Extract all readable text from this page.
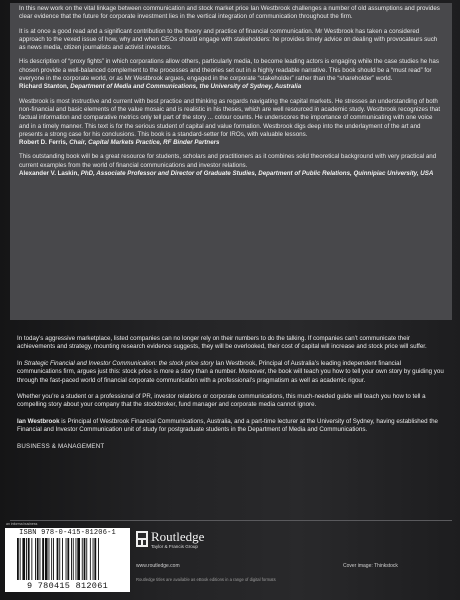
In this new work on the vital linkage between communication and stock market price Ian Westbrook challenges a number of old assumptions and provides clear evidence that the future for corporate investment lies in the vertical integration of communication throughout the firm.

It is at once a good read and a significant contribution to the theory and practice of financial communication. Mr Westbrook has taken a considered approach to the vexed issue of how, why and when CEOs should engage with stakeholders: he provides timely advice on dealing with provocateurs such as news media, citizen journalists and activist investors.

His description of “proxy fights” in which corporations allow others, particularly media, to become leading actors is engaging while the case studies he has chosen provide a well-balanced complement to the processes and theories set out in a highly readable narrative. This book should be a “must read” for everyone in the corporate world, or as Mr Westbrook argues, engaged in the corporate “stakeholder” rather than the “shareholder” world.

Richard Stanton, Department of Media and Communications, the University of Sydney, Australia

Westbrook is most instructive and current with best practice and thinking as regards navigating the capital markets. He stresses an understanding of both non-financial and basic elements of the value mosaic and is realistic in his theses, which are well resourced in academic study. Westbrook recognizes that factual information and comparative metrics only tell part of the story ... colour counts. He underscores the importance of communicating with one voice and in a timely manner. This text is for the serious student of capital and value formation. Westbrook digs deep into the underlayment of the art and presents a strong case for his conclusions. This book is a standard-setter for IROs, with valuable lessons.

Robert D. Ferris, Chair, Capital Markets Practice, RF Binder Partners

This outstanding book will be a great resource for students, scholars and practitioners as it combines solid theoretical background with very practical and current examples from the world of financial communications and investor relations.

Alexander V. Laskin, PhD, Associate Professor and Director of Graduate Studies, Department of Public Relations, Quinnipiac University, USA

In today’s aggressive marketplace, listed companies can no longer rely on their numbers to do the talking. If companies can’t communicate their achievements and strategy, mounting research evidence suggests, they will be overlooked, their cost of capital will increase and stock price will suffer.

In Strategic Financial and Investor Communication: the stock price story Ian Westbrook, Principal of Australia’s leading independent financial communications firm, argues just this: stock price is more a story than a number. Moreover, the book will teach you how to tell your own story by guiding you through the fast-paced world of financial corporate communication with a professional’s pragmatism as well as academic rigour.

Whether you’re a student or a professional of PR, investor relations or corporate communications, this much-needed guide will teach you how to tell a compelling story about your company that the stockbroker, fund manager and corporate media cannot ignore.

Ian Westbrook is Principal of Westbrook Financial Communications, Australia, and a part-time lecturer at the University of Sydney, having established the Financial and Investor Communication unit of study for postgraduate students in the Department of Media and Communications.

BUSINESS & MANAGEMENT
an informa business
ISBN 978-0-415-81206-1
9 780415 812061
Routledge
Taylor & Francis Group
www.routledge.com	Cover image: Thinkstock
Routledge titles are available as eBook editions in a range of digital formats
